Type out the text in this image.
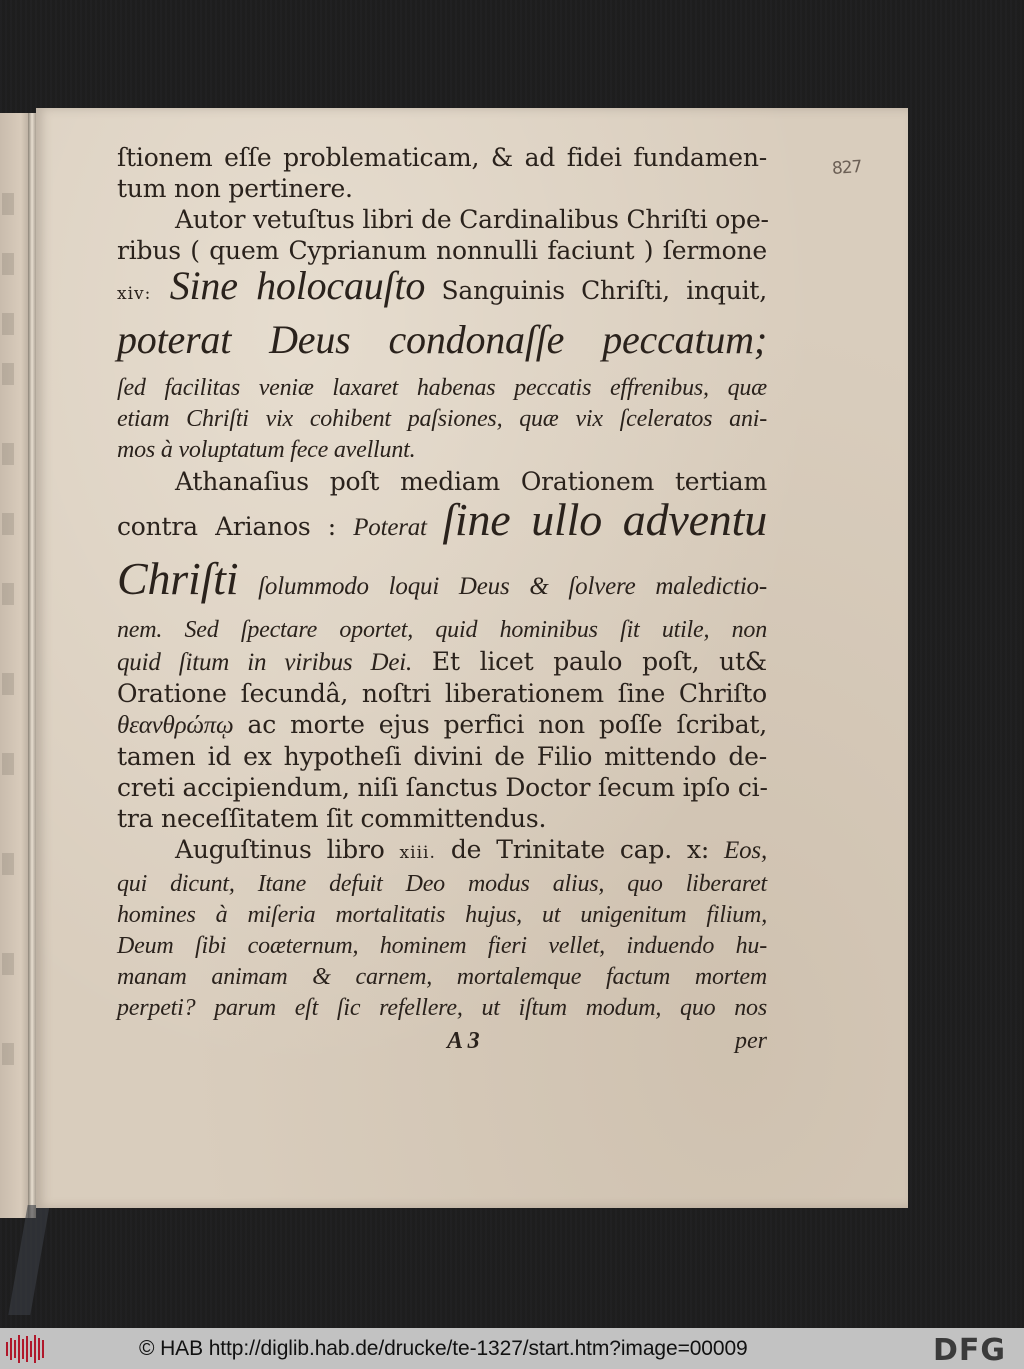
827
ſtionem eſſe problematicam, & ad fidei fundamen-
tum non pertinere.
Autor vetuſtus libri de Cardinalibus Chriſti ope-
ribus ( quem Cyprianum nonnulli faciunt ) ſermone
xiv: Sine holocauſto Sanguinis Chriſti, inquit,
poterat Deus condonaſſe peccatum;
ſed facilitas veniæ laxaret habenas peccatis effrenibus, quæ
etiam Chriſti vix cohibent paſsiones, quæ vix ſceleratos ani-
mos à voluptatum fece avellunt.
Athanaſius poſt mediam Orationem tertiam
contra Arianos : Poterat ſine ullo adventu
Chriſti ſolummodo loqui Deus & ſolvere maledictio-
nem. Sed ſpectare oportet, quid hominibus ſit utile, non
quid ſitum in viribus Dei. Et licet paulo poſt, ut&
Oratione ſecundâ, noſtri liberationem ſine Chriſto
θεανθρώπῳ ac morte ejus perfici non poſſe ſcribat,
tamen id ex hypotheſi divini de Filio mittendo de-
creti accipiendum, niſi ſanctus Doctor ſecum ipſo ci-
tra neceſſitatem ſit committendus.
Auguſtinus libro xiii. de Trinitate cap. x: Eos,
qui dicunt, Itane defuit Deo modus alius, quo liberaret
homines à miſeria mortalitatis hujus, ut unigenitum filium,
Deum ſibi coæternum, hominem fieri vellet, induendo hu-
manam animam & carnem, mortalemque factum mortem
perpeti? parum eſt ſic refellere, ut iſtum modum, quo nos
A 3	per
© HAB http://diglib.hab.de/drucke/te-1327/start.htm?image=00009	DFG
